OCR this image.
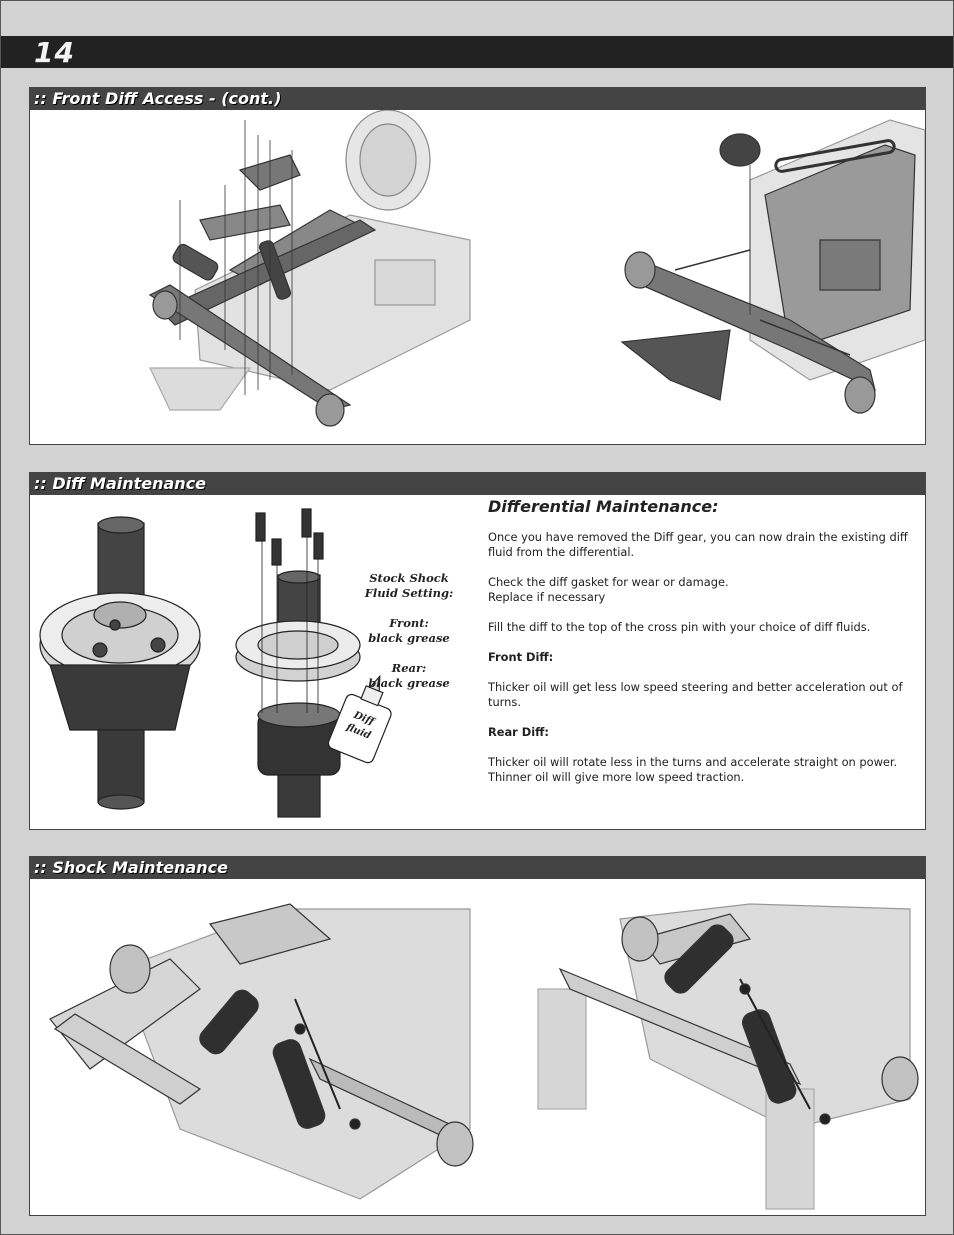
14
:: Front Diff Access - (cont.)
:: Diff Maintenance
Diff
fluid
Stock Shock
Fluid Setting:
Front:
black grease
Rear:
black grease
Differential Maintenance:

Once you have removed the Diff gear, you can now drain the existing diff fluid from the differential.

Check the diff gasket for wear or damage.
Replace if necessary

Fill the diff to the top of the cross pin with your choice of diff fluids.

Front Diff:

Thicker oil will get less low speed steering and better acceleration out of turns.

Rear Diff:

Thicker oil will rotate less in the turns and accelerate straight on power. Thinner oil will give more low speed traction.

:: Shock Maintenance
